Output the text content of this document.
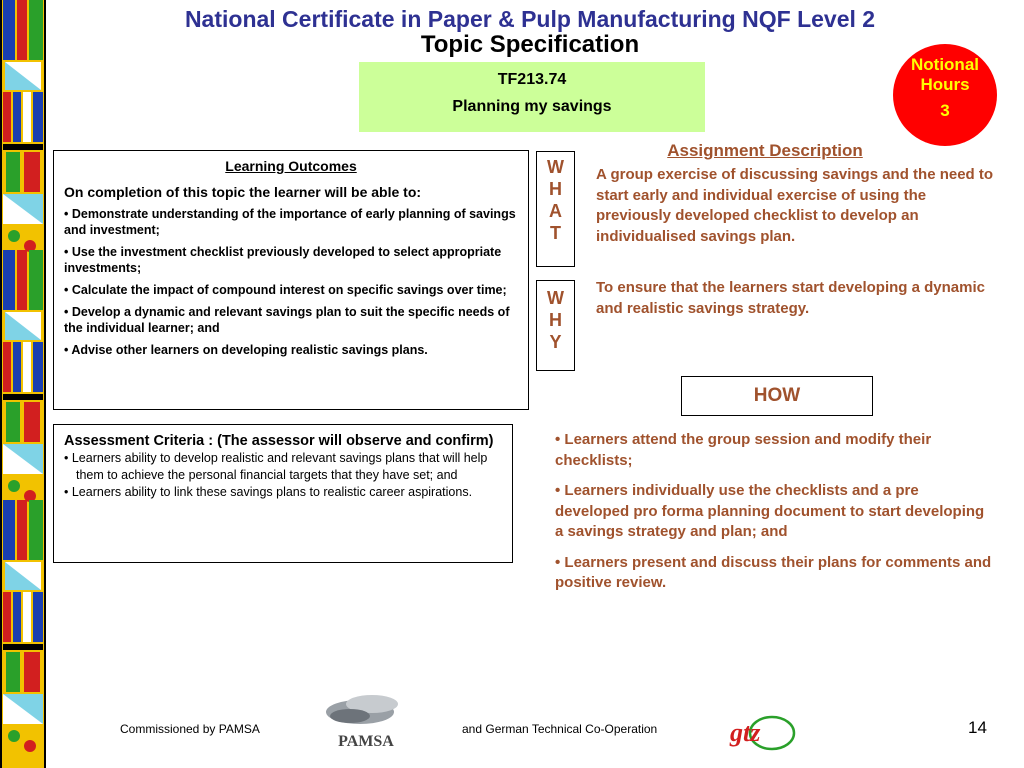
National Certificate in Paper & Pulp Manufacturing NQF Level 2
Topic Specification
TF213.74
Planning my savings
Notional
Hours
3
Learning Outcomes
On completion of this topic the learner will be able to:
• Demonstrate understanding of the importance of early planning of savings and investment;
• Use the investment checklist previously developed to select appropriate investments;
• Calculate the impact of compound interest on specific savings over time;
• Develop a dynamic and relevant savings plan to suit the specific needs of the individual learner; and
• Advise other learners on developing realistic savings plans.
W
H
A
T
W
H
Y
Assignment Description
A group exercise of discussing savings and the need to start early and individual exercise of using the previously developed checklist to develop an individualised savings plan.
To ensure that the learners start developing a dynamic and realistic savings strategy.
HOW
Assessment Criteria : (The assessor will observe and confirm)
• Learners ability to develop realistic and relevant savings plans that will help them to achieve the personal financial targets that they have set; and
• Learners ability to link these savings plans to realistic career aspirations.
• Learners attend the group session and modify their checklists;
• Learners individually use the checklists and a pre developed pro forma planning document to start developing a savings strategy and plan; and
• Learners present and discuss their plans for comments and positive review.
Commissioned by PAMSA
PAMSA
and German Technical Co-Operation	gtz	14
